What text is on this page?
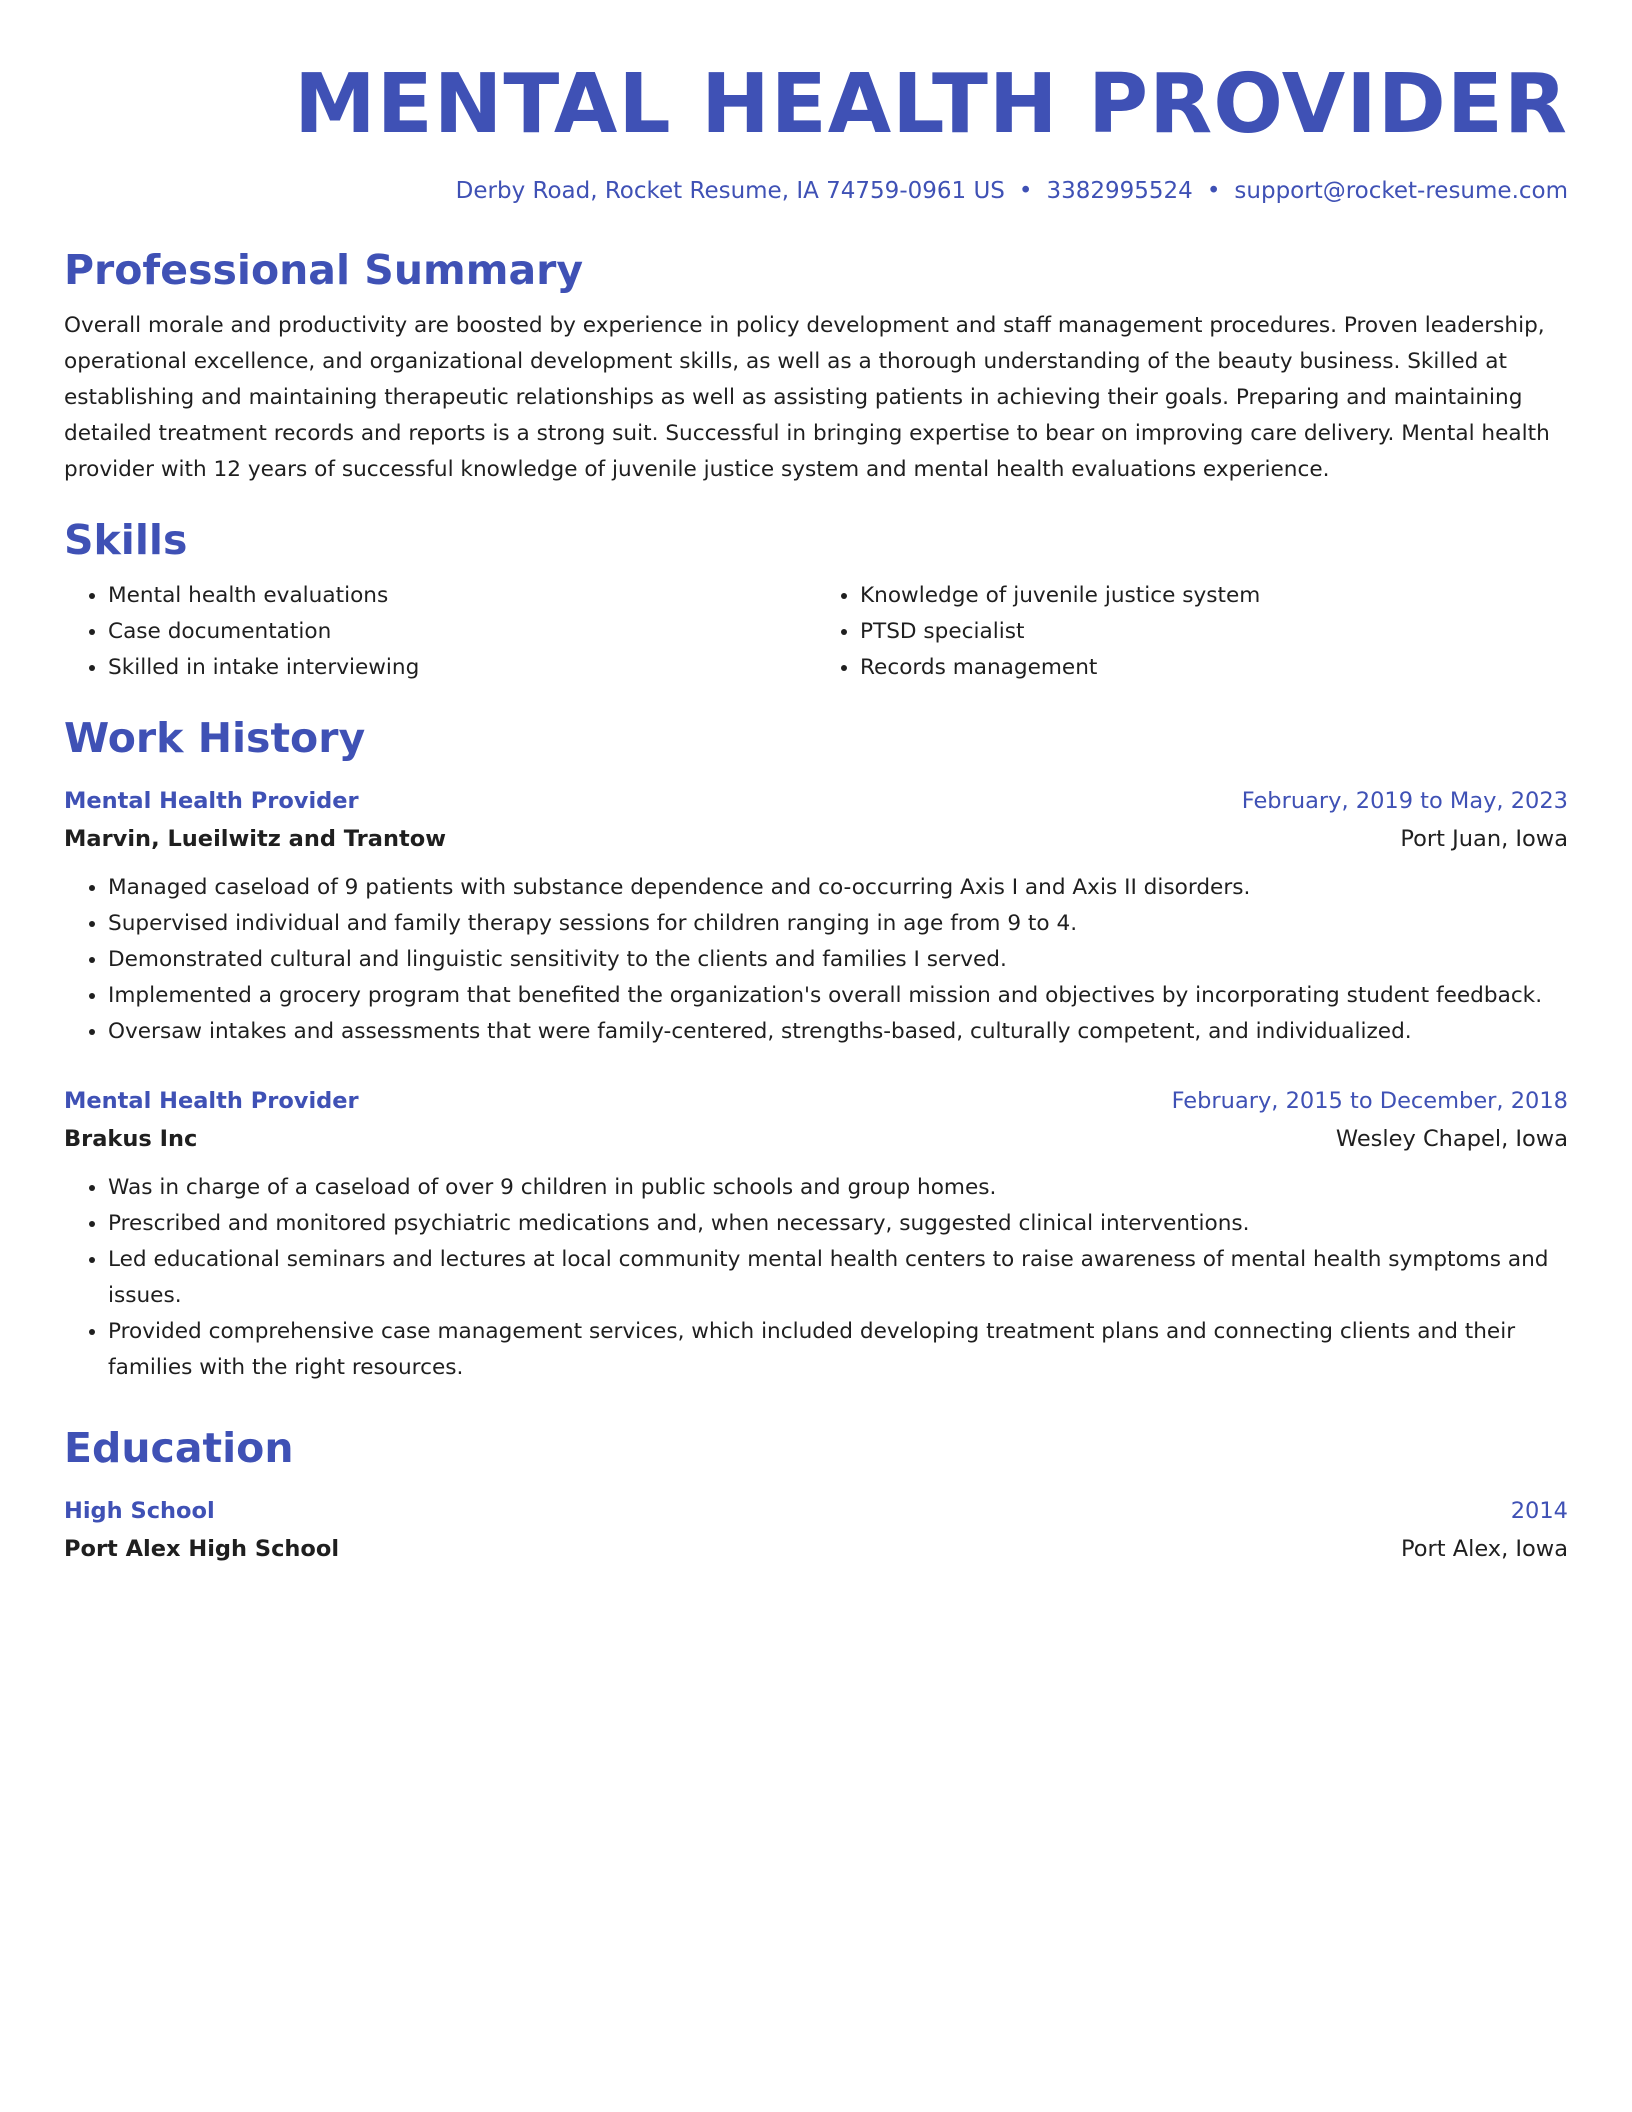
MENTAL HEALTH PROVIDER
Derby Road, Rocket Resume, IA 74759-0961 US • 3382995524 • support@rocket-resume.com
Professional Summary
Overall morale and productivity are boosted by experience in policy development and staff management procedures. Proven leadership, operational excellence, and organizational development skills, as well as a thorough understanding of the beauty business. Skilled at establishing and maintaining therapeutic relationships as well as assisting patients in achieving their goals. Preparing and maintaining detailed treatment records and reports is a strong suit. Successful in bringing expertise to bear on improving care delivery. Mental health provider with 12 years of successful knowledge of juvenile justice system and mental health evaluations experience.
Skills
• Mental health evaluations
• Case documentation
• Skilled in intake interviewing
• Knowledge of juvenile justice system
• PTSD specialist
• Records management
Work History
Mental Health Provider	February, 2019 to May, 2023
Marvin, Lueilwitz and Trantow	Port Juan, Iowa
• Managed caseload of 9 patients with substance dependence and co-occurring Axis I and Axis II disorders.
• Supervised individual and family therapy sessions for children ranging in age from 9 to 4.
• Demonstrated cultural and linguistic sensitivity to the clients and families I served.
• Implemented a grocery program that benefited the organization's overall mission and objectives by incorporating student feedback.
• Oversaw intakes and assessments that were family-centered, strengths-based, culturally competent, and individualized.
Mental Health Provider	February, 2015 to December, 2018
Brakus Inc	Wesley Chapel, Iowa
• Was in charge of a caseload of over 9 children in public schools and group homes.
• Prescribed and monitored psychiatric medications and, when necessary, suggested clinical interventions.
• Led educational seminars and lectures at local community mental health centers to raise awareness of mental health symptoms and issues.
• Provided comprehensive case management services, which included developing treatment plans and connecting clients and their families with the right resources.
Education
High School	2014
Port Alex High School	Port Alex, Iowa
